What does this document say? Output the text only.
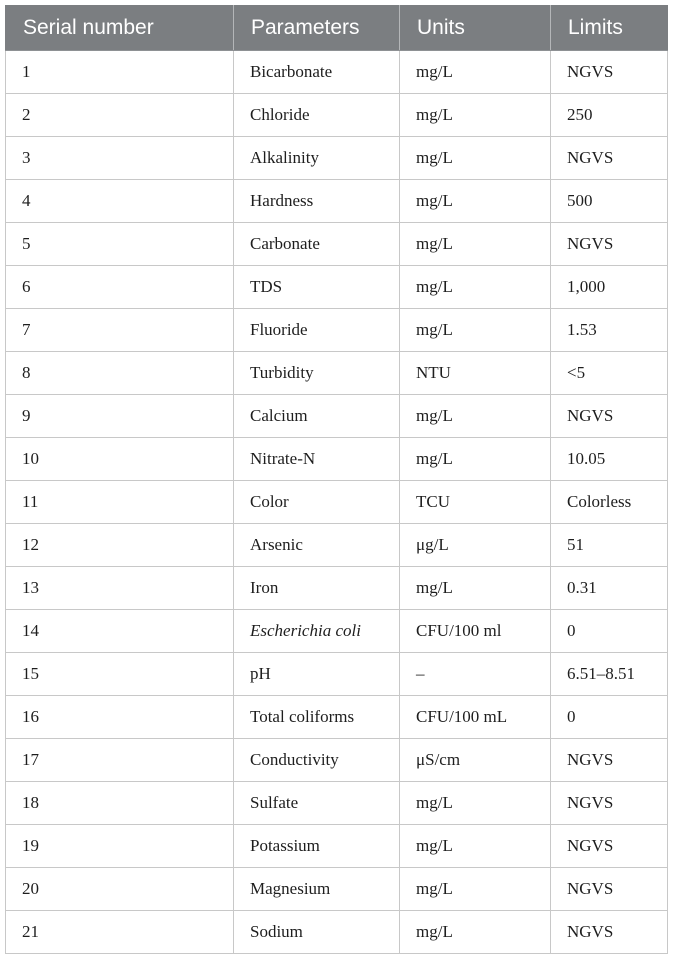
Serial number	Parameters	Units	Limits
1	Bicarbonate	mg/L	NGVS
2	Chloride	mg/L	250
3	Alkalinity	mg/L	NGVS
4	Hardness	mg/L	500
5	Carbonate	mg/L	NGVS
6	TDS	mg/L	1,000
7	Fluoride	mg/L	1.53
8	Turbidity	NTU	<5
9	Calcium	mg/L	NGVS
10	Nitrate-N	mg/L	10.05
11	Color	TCU	Colorless
12	Arsenic	μg/L	51
13	Iron	mg/L	0.31
14	Escherichia coli	CFU/100 ml	0
15	pH	–	6.51–8.51
16	Total coliforms	CFU/100 mL	0
17	Conductivity	μS/cm	NGVS
18	Sulfate	mg/L	NGVS
19	Potassium	mg/L	NGVS
20	Magnesium	mg/L	NGVS
21	Sodium	mg/L	NGVS
